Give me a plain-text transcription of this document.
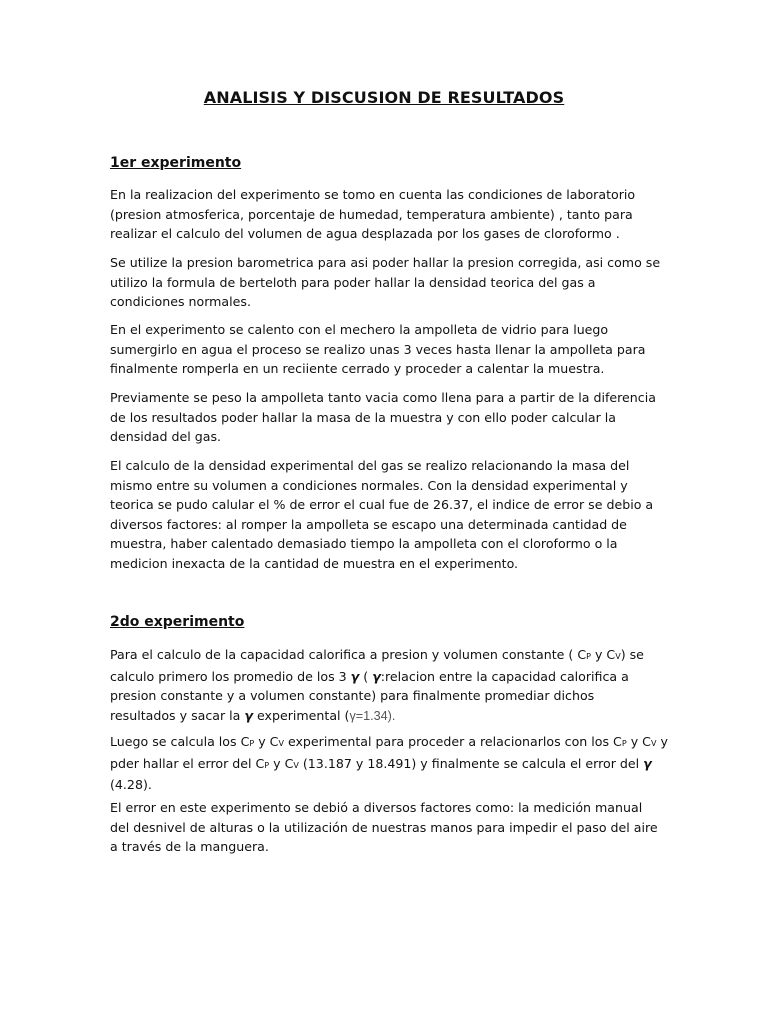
ANALISIS Y DISCUSION DE RESULTADOS
1er experimento
En la realizacion del experimento se tomo en cuenta las condiciones de laboratorio
(presion atmosferica, porcentaje de humedad, temperatura ambiente) , tanto para
realizar el calculo del volumen de agua desplazada por los gases de cloroformo .
Se utilize la presion barometrica para asi poder hallar la presion corregida, asi como se
utilizo la formula de berteloth para poder hallar la densidad teorica del gas a
condiciones normales.
En el experimento se calento con el mechero la ampolleta de vidrio para luego
sumergirlo en agua el proceso se realizo unas 3 veces hasta llenar la ampolleta para
finalmente romperla en un reciiente cerrado y proceder a calentar la muestra.
Previamente se peso la ampolleta tanto vacia como llena para a partir de la diferencia
de los resultados poder hallar la masa de la muestra y con ello poder calcular la
densidad del gas.
El calculo de la densidad experimental del gas se realizo relacionando la masa del
mismo entre su volumen a condiciones normales. Con la densidad experimental y
teorica se pudo calular el % de error el cual fue de 26.37, el indice de error se debio a
diversos factores: al romper la ampolleta se escapo una determinada cantidad de
muestra, haber calentado demasiado tiempo la ampolleta con el cloroformo o la
medicion inexacta de la cantidad de muestra en el experimento.
2do experimento
Para el calculo de la capacidad calorifica a presion y volumen constante ( CP y CV) se
calculo primero los promedio de los 3 γ ( γ:relacion entre la capacidad calorifica a
presion constante y a volumen constante) para finalmente promediar dichos
resultados y sacar la γ experimental (γ=1.34).
Luego se calcula los CP y CV experimental para proceder a relacionarlos con los CP y CV y
pder hallar el error del CP y CV (13.187 y 18.491) y finalmente se calcula el error del γ
(4.28).
El error en este experimento se debió a diversos factores como: la medición manual
del desnivel de alturas o la utilización de nuestras manos para impedir el paso del aire
a través de la manguera.
